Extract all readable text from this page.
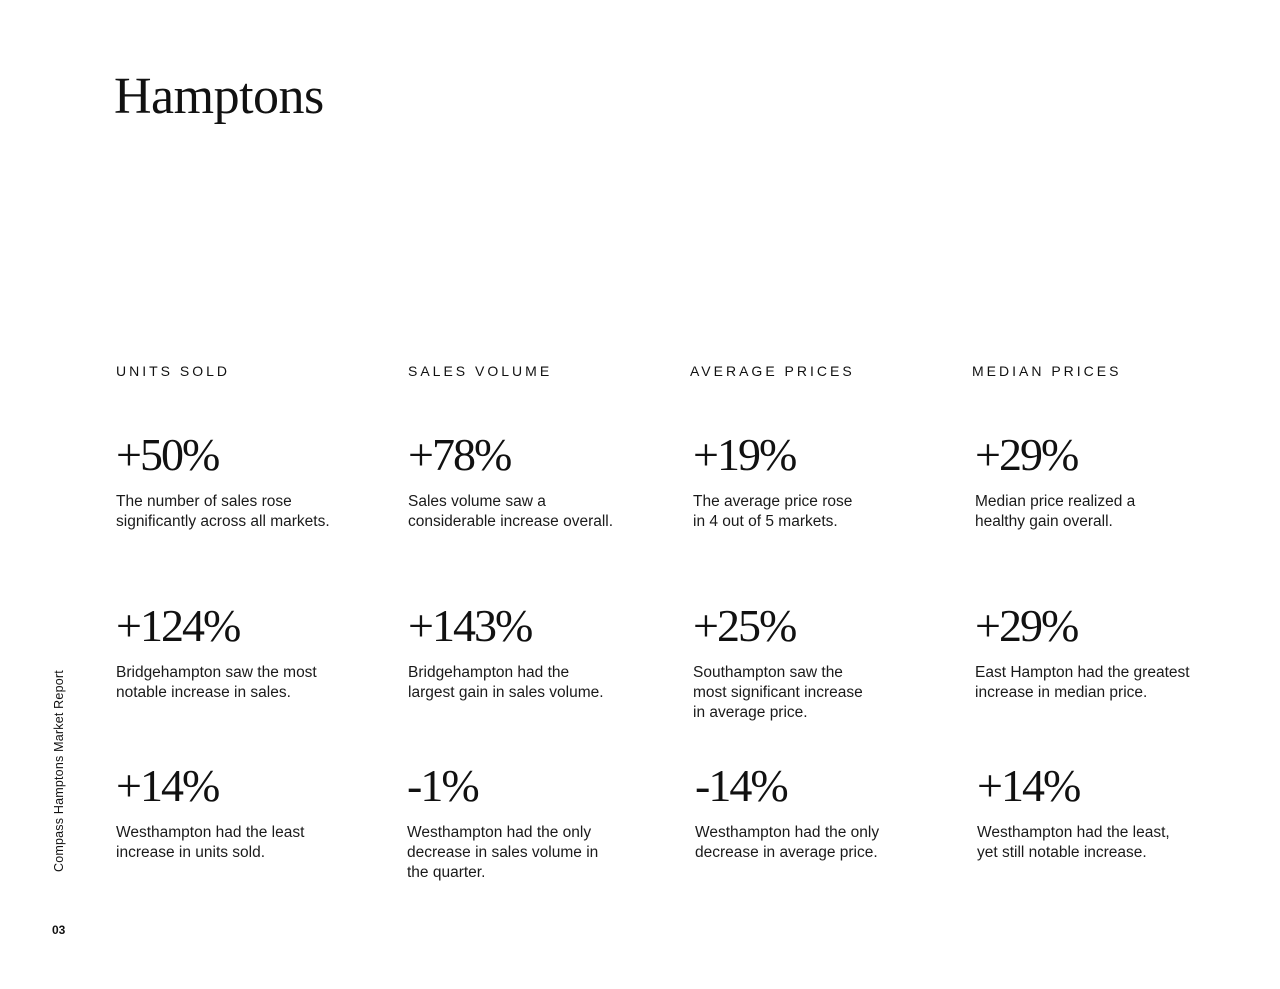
Hamptons
Compass Hamptons Market Report
03
UNITS SOLD	SALES VOLUME	AVERAGE PRICES	MEDIAN PRICES
+50%
The number of sales rose
significantly across all markets.
+78%
Sales volume saw a
considerable increase overall.
+19%
The average price rose
in 4 out of 5 markets.
+29%
Median price realized a
healthy gain overall.
+124%
Bridgehampton saw the most
notable increase in sales.
+143%
Bridgehampton had the
largest gain in sales volume.
+25%
Southampton saw the
most significant increase
in average price.
+29%
East Hampton had the greatest
increase in median price.
+14%
Westhampton had the least
increase in units sold.
-1%
Westhampton had the only
decrease in sales volume in
the quarter.
-14%
Westhampton had the only
decrease in average price.
+14%
Westhampton had the least,
yet still notable increase.
